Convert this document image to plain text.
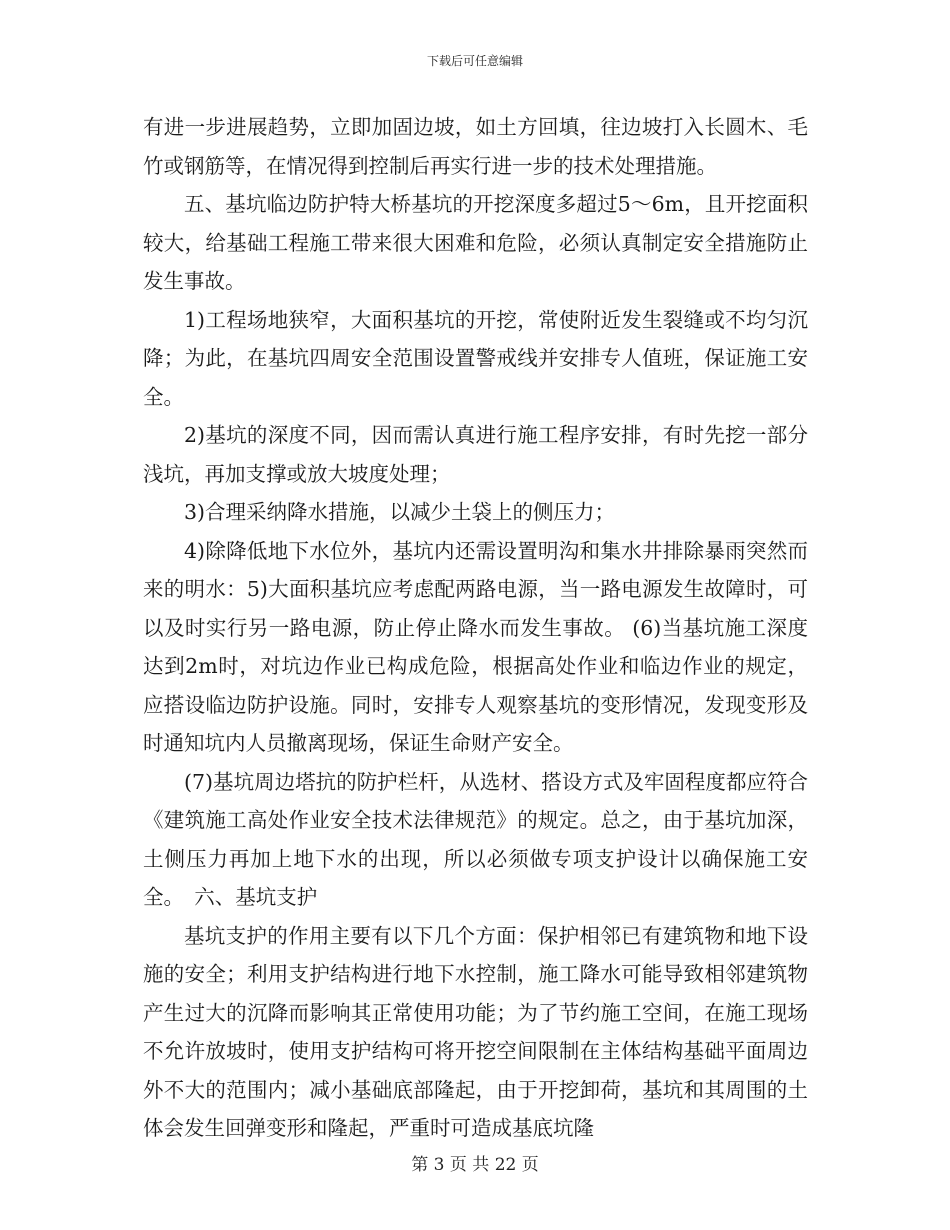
下载后可任意编辑

有进一步进展趋势，立即加固边坡，如土方回填，往边坡打入长圆木、毛竹或钢筋等，在情况得到控制后再实行进一步的技术处理措施。

五、基坑临边防护特大桥基坑的开挖深度多超过5～6m，且开挖面积较大，给基础工程施工带来很大困难和危险，必须认真制定安全措施防止发生事故。

1)工程场地狭窄，大面积基坑的开挖，常使附近发生裂缝或不均匀沉降；为此，在基坑四周安全范围设置警戒线并安排专人值班，保证施工安全。

2)基坑的深度不同，因而需认真进行施工程序安排，有时先挖一部分浅坑，再加支撑或放大坡度处理；

3)合理采纳降水措施，以减少土袋上的侧压力；

4)除降低地下水位外，基坑内还需设置明沟和集水井排除暴雨突然而来的明水：5)大面积基坑应考虑配两路电源，当一路电源发生故障时，可以及时实行另一路电源，防止停止降水而发生事故。 (6)当基坑施工深度达到2m时，对坑边作业已构成危险，根据高处作业和临边作业的规定，应搭设临边防护设施。同时，安排专人观察基坑的变形情况，发现变形及时通知坑内人员撤离现场，保证生命财产安全。

(7)基坑周边塔抗的防护栏杆，从选材、搭设方式及牢固程度都应符合《建筑施工高处作业安全技术法律规范》的规定。总之，由于基坑加深，土侧压力再加上地下水的出现，所以必须做专项支护设计以确保施工安全。　六、基坑支护

基坑支护的作用主要有以下几个方面：保护相邻已有建筑物和地下设施的安全；利用支护结构进行地下水控制，施工降水可能导致相邻建筑物产生过大的沉降而影响其正常使用功能；为了节约施工空间，在施工现场不允许放坡时，使用支护结构可将开挖空间限制在主体结构基础平面周边外不大的范围内；减小基础底部隆起，由于开挖卸荷，基坑和其周围的土体会发生回弹变形和隆起，严重时可造成基底坑隆

第 3 页 共 22 页
